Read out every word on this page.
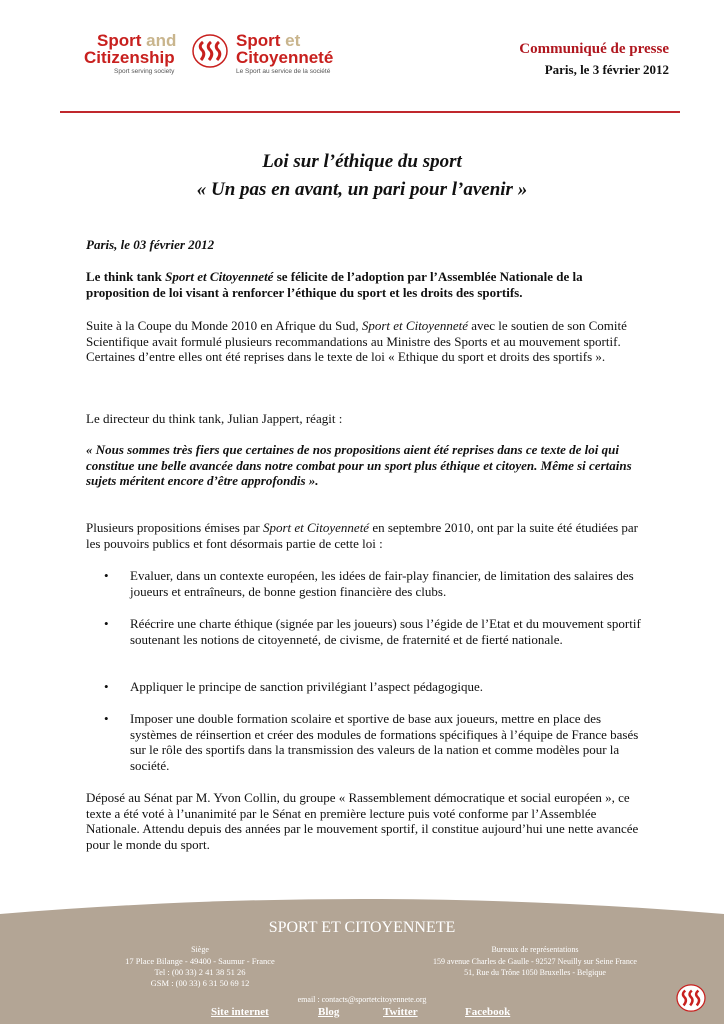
Sport and
Citizenship
Sport serving society
Sport et
Citoyenneté
Le Sport au service de la société
Communiqué de presse
Paris, le 3 février 2012
Loi sur l’éthique du sport
« Un pas en avant, un pari pour l’avenir »
Paris, le 03 février 2012
Le think tank Sport et Citoyenneté se félicite de l’adoption par l’Assemblée Nationale de la proposition de loi visant à renforcer l’éthique du sport et les droits des sportifs.
Suite à la Coupe du Monde 2010 en Afrique du Sud, Sport et Citoyenneté avec le soutien de son Comité Scientifique avait formulé plusieurs recommandations au Ministre des Sports et au mouvement sportif. Certaines d’entre elles ont été reprises dans le texte de loi « Ethique du sport et droits des sportifs ».
Le directeur du think tank, Julian Jappert, réagit :
« Nous sommes très fiers que certaines de nos propositions aient été reprises dans ce texte de loi qui constitue une belle avancée dans notre combat pour un sport plus éthique et citoyen. Même si certains sujets méritent encore d’être approfondis ».
Plusieurs propositions émises par Sport et Citoyenneté en septembre 2010, ont par la suite été étudiées par les pouvoirs publics et font désormais partie de cette loi :
• Evaluer, dans un contexte européen, les idées de fair-play financier, de limitation des salaires des joueurs et entraîneurs, de bonne gestion financière des clubs.
• Réécrire une charte éthique (signée par les joueurs) sous l’égide de l’Etat et du mouvement sportif soutenant les notions de citoyenneté, de civisme, de fraternité et de fierté nationale.
• Appliquer le principe de sanction privilégiant l’aspect pédagogique.
• Imposer une double formation scolaire et sportive de base aux joueurs, mettre en place des systèmes de réinsertion et créer des modules de formations spécifiques à l’équipe de France basés sur le rôle des sportifs dans la transmission des valeurs de la nation et comme modèles pour la société.
Déposé au Sénat par M. Yvon Collin, du groupe « Rassemblement démocratique et social européen », ce texte a été voté à l’unanimité par le Sénat en première lecture puis voté conforme par l’Assemblée Nationale. Attendu depuis des années par le mouvement sportif, il constitue aujourd’hui une nette avancée pour le monde du sport.
SPORT ET CITOYENNETE
Siège
17 Place Bilange - 49400 - Saumur - France
Tel : (00 33) 2 41 38 51 26
GSM : (00 33) 6 31 50 69 12
Bureaux de représentations
159 avenue Charles de Gaulle - 92527 Neuilly sur Seine France
51, Rue du Trône 1050 Bruxelles - Belgique
email : contacts@sportetcitoyennete.org
Site internet	Blog	Twitter	Facebook
